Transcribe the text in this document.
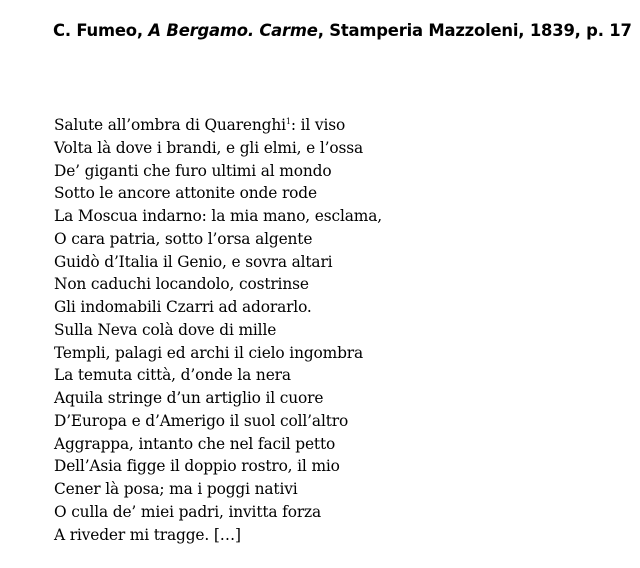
C. Fumeo, A Bergamo. Carme, Stamperia Mazzoleni, 1839, p. 17
Salute all’ombra di Quarenghi$^1$: il viso
Volta là dove i brandi, e gli elmi, e l’ossa
De’ giganti che furo ultimi al mondo
Sotto le ancore attonite onde rode
La Moscua indarno: la mia mano, esclama,
O cara patria, sotto l’orsa algente
Guidò d’Italia il Genio, e sovra altari
Non caduchi locandolo, costrinse
Gli indomabili Czarri ad adorarlo.
Sulla Neva colà dove di mille
Templi, palagi ed archi il cielo ingombra
La temuta città, d’onde la nera
Aquila stringe d’un artiglio il cuore
D’Europa e d’Amerigo il suol coll’altro
Aggrappa, intanto che nel facil petto
Dell’Asia figge il doppio rostro, il mio
Cener là posa; ma i poggi nativi
O culla de’ miei padri, invitta forza
A riveder mi tragge. […]
